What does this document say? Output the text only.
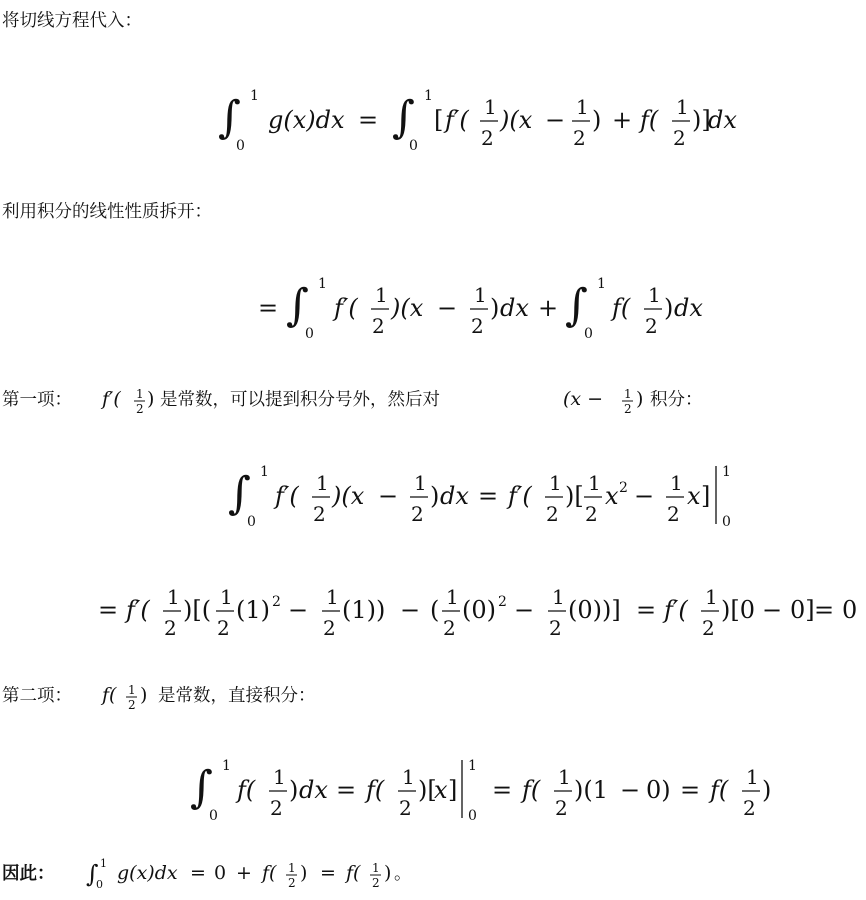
将切线方程代入：
∫ 1
0
g(x)dx = ∫ 1
0
[ f′( 1
2
)(x − 1
2
) + f( 1
2
)]
dx
利用积分的线性性质拆开：
= ∫ 1
0
f′( 1
2
)(x − 1
2
) dx + ∫ 1
0
f( 1
2
) dx
第一项： f′( 1
2 ) 是常数，可以提到积分号外，然后对	(x − 1
2 ) 积分：
∫ 1
0
f′( 1
2
)(x − 1
2
) dx = f′( 1
2
)[ 1
2
x 2 − 1
2
x ]
1
0
= f′( 1
2
)[( 1
2
(1) 2 − 1
2
(1)) − ( 1
2
(0) 2 − 1
2
(0))] = f′( 1
2
)[0 − 0] = 0
第二项： f( 1
2 ) 是常数，直接积分：
∫ 1
0
f( 1
2
) dx = f( 1
2
)[
x ]
1
0
= f( 1
2
)(1 − 0) = f( 1
2
)
因此： ∫ 1
0
g(x)dx = 0 + f( 1
2 ) = f( 1
2 ) 。
